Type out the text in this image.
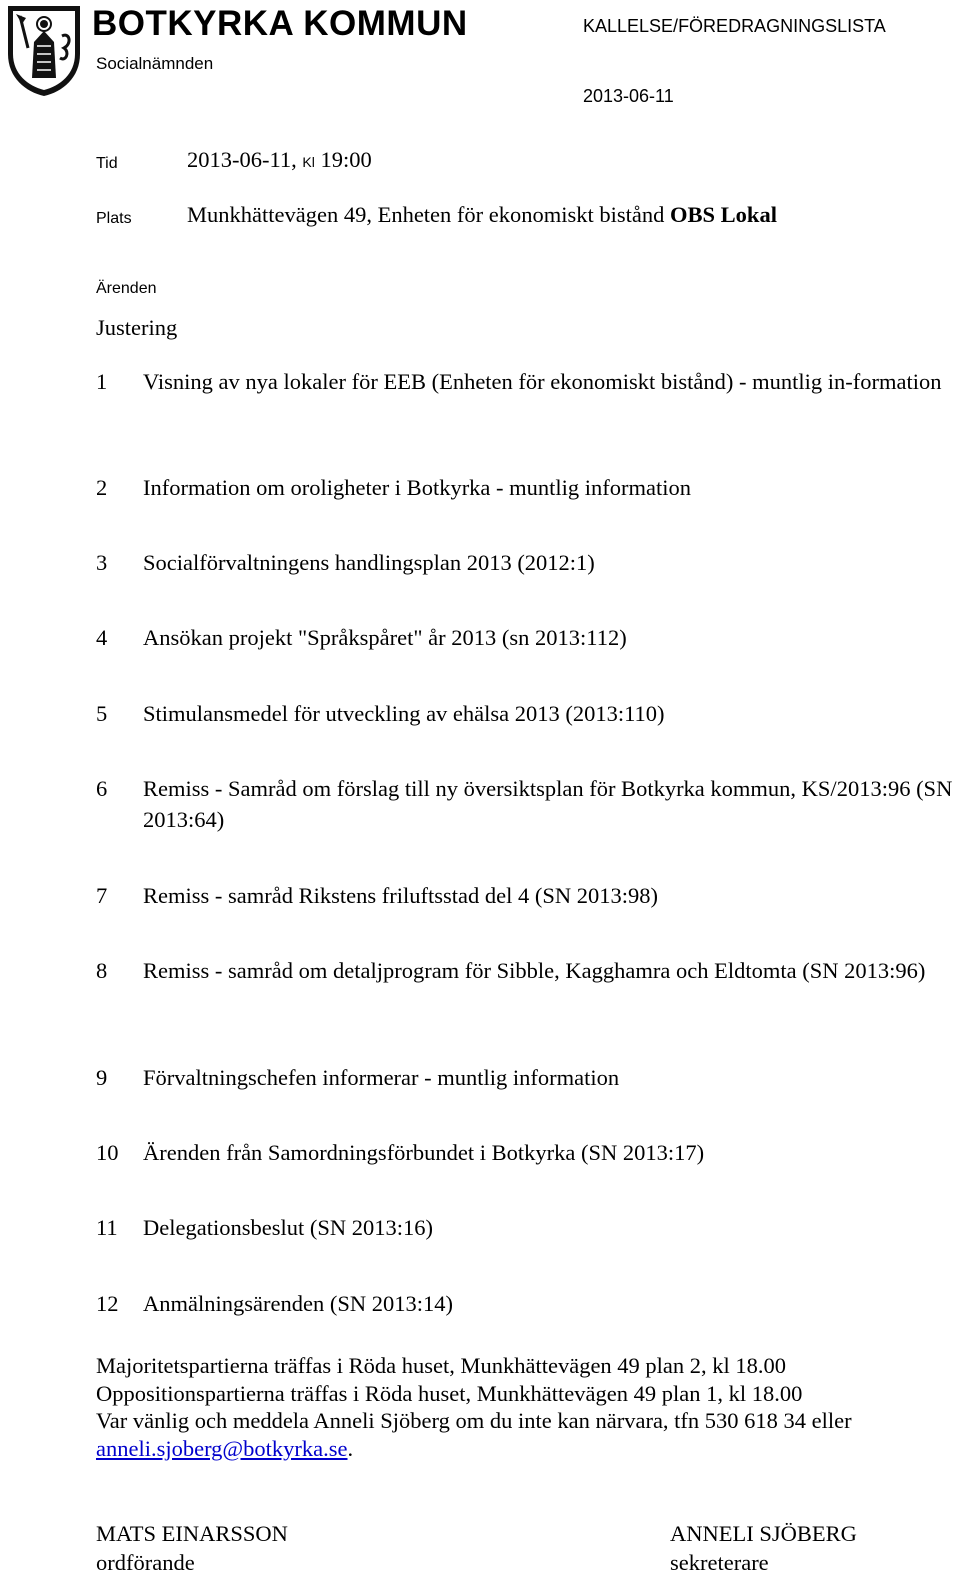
BOTKYRKA KOMMUN
Socialnämnden
KALLELSE/FÖREDRAGNINGSLISTA
2013-06-11
Tid	2013-06-11, Kl 19:00
Plats Munkhättevägen 49, Enheten för ekonomiskt bistånd OBS Lokal
Ärenden
Justering
1	Visning av nya lokaler för EEB (Enheten för ekonomiskt bistånd) - muntlig in-formation
2	Information om oroligheter i Botkyrka - muntlig information
3	Socialförvaltningens handlingsplan 2013 (2012:1)
4	Ansökan projekt "Språkspåret" år 2013 (sn 2013:112)
5	Stimulansmedel för utveckling av ehälsa 2013 (2013:110)
6	Remiss - Samråd om förslag till ny översiktsplan för Botkyrka kommun, KS/2013:96 (SN 2013:64)
7	Remiss - samråd Rikstens friluftsstad del 4 (SN 2013:98)
8	Remiss - samråd om detaljprogram för Sibble, Kagghamra och Eldtomta (SN 2013:96)
9	Förvaltningschefen informerar - muntlig information
10	Ärenden från Samordningsförbundet i Botkyrka (SN 2013:17)
11	Delegationsbeslut (SN 2013:16)
12	Anmälningsärenden (SN 2013:14)

Majoritetspartierna träffas i Röda huset, Munkhättevägen 49 plan 2, kl 18.00

Oppositionspartierna träffas i Röda huset, Munkhättevägen 49 plan 1, kl 18.00

Var vänlig och meddela Anneli Sjöberg om du inte kan närvara, tfn 530 618 34 eller anneli.sjoberg@botkyrka.se.

MATS EINARSSON
ordförande
ANNELI SJÖBERG
sekreterare
